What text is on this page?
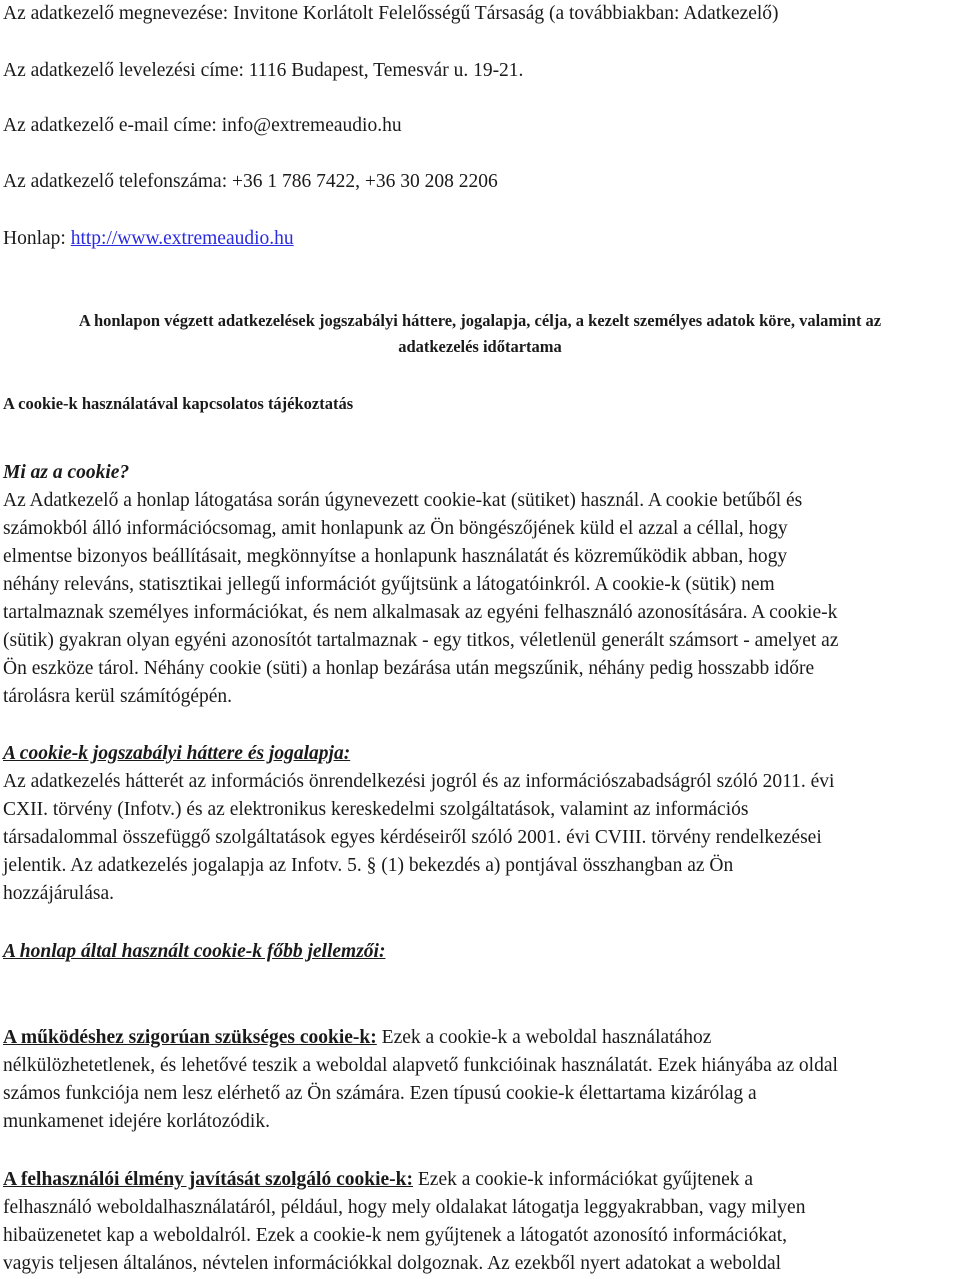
Az adatkezelő megnevezése: Invitone Korlátolt Felelősségű Társaság (a továbbiakban: Adatkezelő)
Az adatkezelő levelezési címe: 1116 Budapest, Temesvár u. 19-21.
Az adatkezelő e-mail címe: info@extremeaudio.hu
Az adatkezelő telefonszáma: +36 1 786 7422, +36 30 208 2206
Honlap: http://www.extremeaudio.hu
A honlapon végzett adatkezelések jogszabályi háttere, jogalapja, célja, a kezelt személyes adatok köre, valamint az
adatkezelés időtartama
A cookie-k használatával kapcsolatos tájékoztatás
Mi az a cookie?
Az Adatkezelő a honlap látogatása során úgynevezett cookie-kat (sütiket) használ. A cookie betűből és
számokból álló információcsomag, amit honlapunk az Ön böngészőjének küld el azzal a céllal, hogy
elmentse bizonyos beállításait, megkönnyítse a honlapunk használatát és közreműködik abban, hogy
néhány releváns, statisztikai jellegű információt gyűjtsünk a látogatóinkról. A cookie-k (sütik) nem
tartalmaznak személyes információkat, és nem alkalmasak az egyéni felhasználó azonosítására. A cookie-k
(sütik) gyakran olyan egyéni azonosítót tartalmaznak - egy titkos, véletlenül generált számsort - amelyet az
Ön eszköze tárol. Néhány cookie (süti) a honlap bezárása után megszűnik, néhány pedig hosszabb időre
tárolásra kerül számítógépén.
A cookie-k jogszabályi háttere és jogalapja:
Az adatkezelés hátterét az információs önrendelkezési jogról és az információszabadságról szóló 2011. évi
CXII. törvény (Infotv.) és az elektronikus kereskedelmi szolgáltatások, valamint az információs
társadalommal összefüggő szolgáltatások egyes kérdéseiről szóló 2001. évi CVIII. törvény rendelkezései
jelentik. Az adatkezelés jogalapja az Infotv. 5. § (1) bekezdés a) pontjával összhangban az Ön
hozzájárulása.
A honlap által használt cookie-k főbb jellemzői:
A működéshez szigorúan szükséges cookie-k: Ezek a cookie-k a weboldal használatához
nélkülözhetetlenek, és lehetővé teszik a weboldal alapvető funkcióinak használatát. Ezek hiányába az oldal
számos funkciója nem lesz elérhető az Ön számára. Ezen típusú cookie-k élettartama kizárólag a
munkamenet idejére korlátozódik.
A felhasználói élmény javítását szolgáló cookie-k: Ezek a cookie-k információkat gyűjtenek a
felhasználó weboldalhasználatáról, például, hogy mely oldalakat látogatja leggyakrabban, vagy milyen
hibaüzenetet kap a weboldalról. Ezek a cookie-k nem gyűjtenek a látogatót azonosító információkat,
vagyis teljesen általános, névtelen információkkal dolgoznak. Az ezekből nyert adatokat a weboldal
